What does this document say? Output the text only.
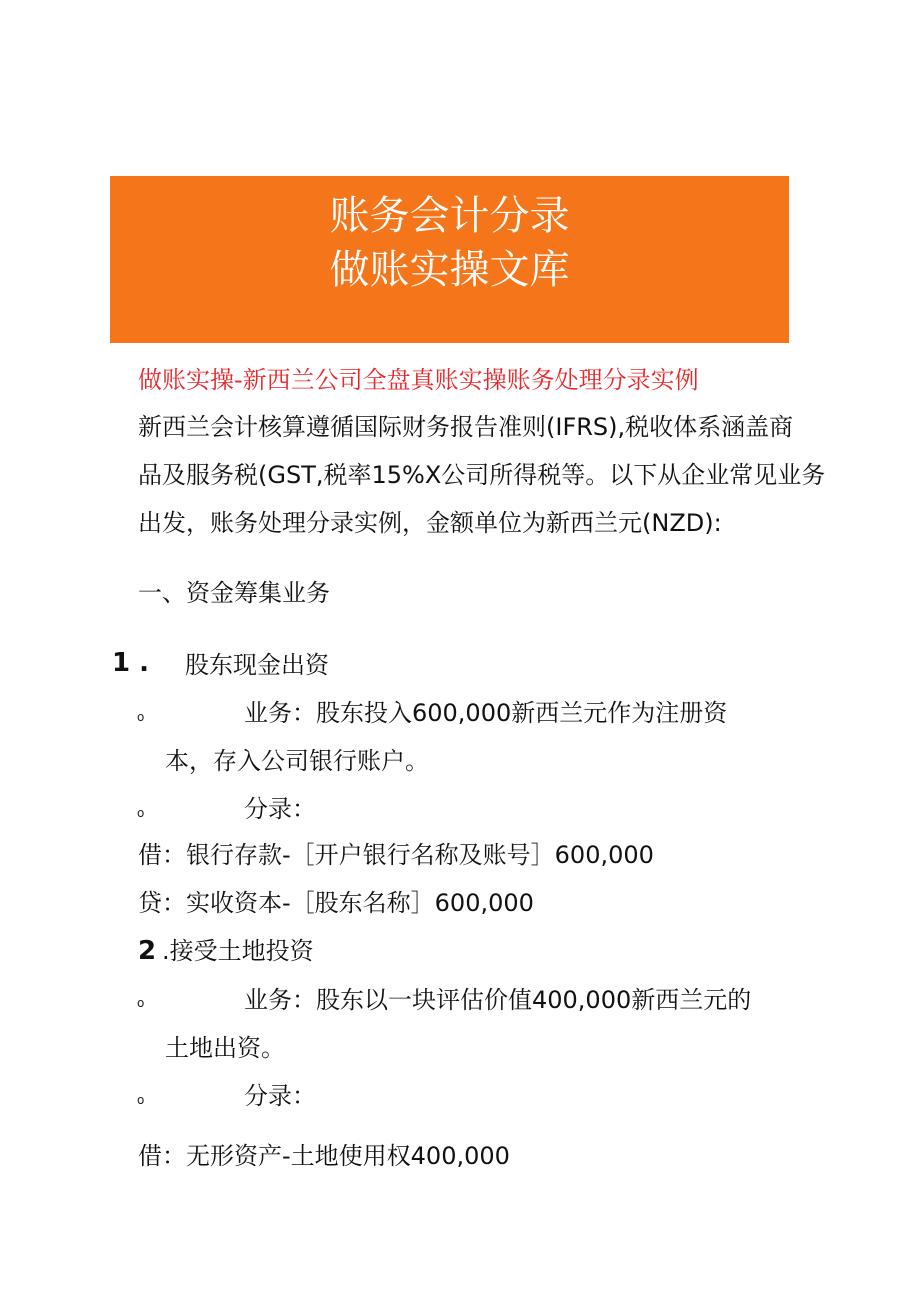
账务会计分录
做账实操文库
做账实操-新西兰公司全盘真账实操账务处理分录实例
新西兰会计核算遵循国际财务报告准则(IFRS),税收体系涵盖商
品及服务税(GST,税率15%X公司所得税等。以下从企业常见业务
出发，账务处理分录实例，金额单位为新西兰元(NZD):
一、资金筹集业务
1 . 股东现金出资
o	业务：股东投入600,000新西兰元作为注册资
本，存入公司银行账户。
o	分录：
借：银行存款-［开户银行名称及账号］600,000
贷：实收资本-［股东名称］600,000
2 .接受土地投资
o	业务：股东以一块评估价值400,000新西兰元的
土地出资。
o	分录：
借：无形资产-土地使用权400,000
